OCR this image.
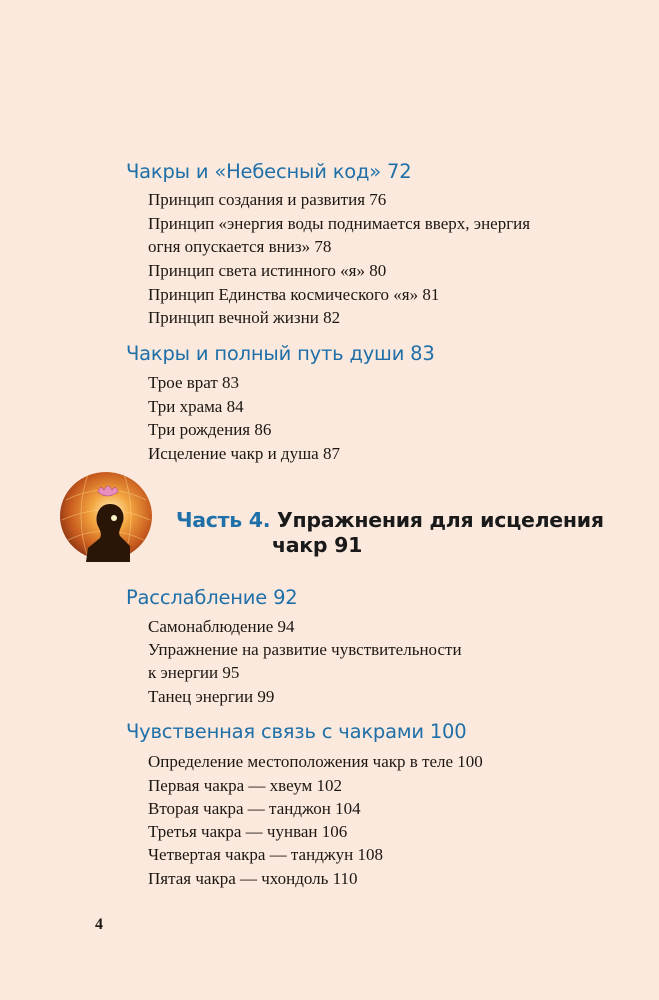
Чакры и «Небесный код» 72
Принцип создания и развития 76
Принцип «энергия воды поднимается вверх, энергия
огня опускается вниз» 78
Принцип света истинного «я» 80
Принцип Единства космического «я» 81
Принцип вечной жизни 82
Чакры и полный путь души 83
Трое врат 83
Три храма 84
Три рождения 86
Исцеление чакр и душа 87
Часть 4. Упражнения для исцеления
чакр 91
Расслабление 92
Самонаблюдение 94
Упражнение на развитие чувствительности
к энергии 95
Танец энергии 99
Чувственная связь с чакрами 100
Определение местоположения чакр в теле 100
Первая чакра — хвеум 102
Вторая чакра — танджон 104
Третья чакра — чунван 106
Четвертая чакра — танджун 108
Пятая чакра — чхондоль 110
4
